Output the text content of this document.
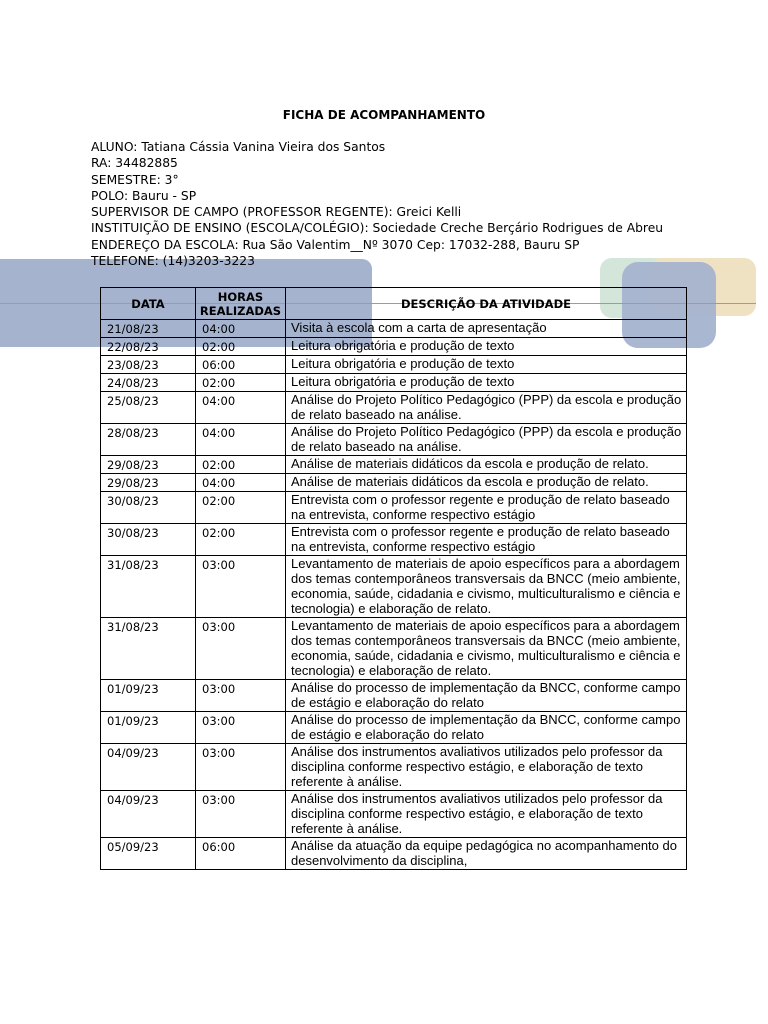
FICHA DE ACOMPANHAMENTO
ALUNO: Tatiana Cássia Vanina Vieira dos Santos
RA: 34482885
SEMESTRE: 3°
POLO: Bauru - SP
SUPERVISOR DE CAMPO (PROFESSOR REGENTE): Greici Kelli
INSTITUIÇÃO DE ENSINO (ESCOLA/COLÉGIO): Sociedade Creche Berçário Rodrigues de Abreu
ENDEREÇO DA ESCOLA: Rua São Valentim__Nº 3070 Cep: 17032-288, Bauru SP
TELEFONE: (14)3203-3223
DATA	HORAS REALIZADAS	DESCRIÇÃO DA ATIVIDADE
21/08/23	04:00	Visita à escola com a carta de apresentação
22/08/23	02:00	Leitura obrigatória e produção de texto
23/08/23	06:00	Leitura obrigatória e produção de texto
24/08/23	02:00	Leitura obrigatória e produção de texto
25/08/23	04:00	Análise do Projeto Político Pedagógico (PPP) da escola e produção de relato baseado na análise.
28/08/23	04:00	Análise do Projeto Político Pedagógico (PPP) da escola e produção de relato baseado na análise.
29/08/23	02:00	Análise de materiais didáticos da escola e produção de relato.
29/08/23	04:00	Análise de materiais didáticos da escola e produção de relato.
30/08/23	02:00	Entrevista com o professor regente e produção de relato baseado na entrevista, conforme respectivo estágio
30/08/23	02:00	Entrevista com o professor regente e produção de relato baseado na entrevista, conforme respectivo estágio
31/08/23	03:00	Levantamento de materiais de apoio específicos para a abordagem dos temas contemporâneos transversais da BNCC (meio ambiente, economia, saúde, cidadania e civismo, multiculturalismo e ciência e tecnologia) e elaboração de relato.
31/08/23	03:00	Levantamento de materiais de apoio específicos para a abordagem dos temas contemporâneos transversais da BNCC (meio ambiente, economia, saúde, cidadania e civismo, multiculturalismo e ciência e tecnologia) e elaboração de relato.
01/09/23	03:00	Análise do processo de implementação da BNCC, conforme campo de estágio e elaboração do relato
01/09/23	03:00	Análise do processo de implementação da BNCC, conforme campo de estágio e elaboração do relato
04/09/23	03:00	Análise dos instrumentos avaliativos utilizados pelo professor da disciplina conforme respectivo estágio, e elaboração de texto referente à análise.
04/09/23	03:00	Análise dos instrumentos avaliativos utilizados pelo professor da disciplina conforme respectivo estágio, e elaboração de texto referente à análise.
05/09/23	06:00	Análise da atuação da equipe pedagógica no acompanhamento do desenvolvimento da disciplina,
